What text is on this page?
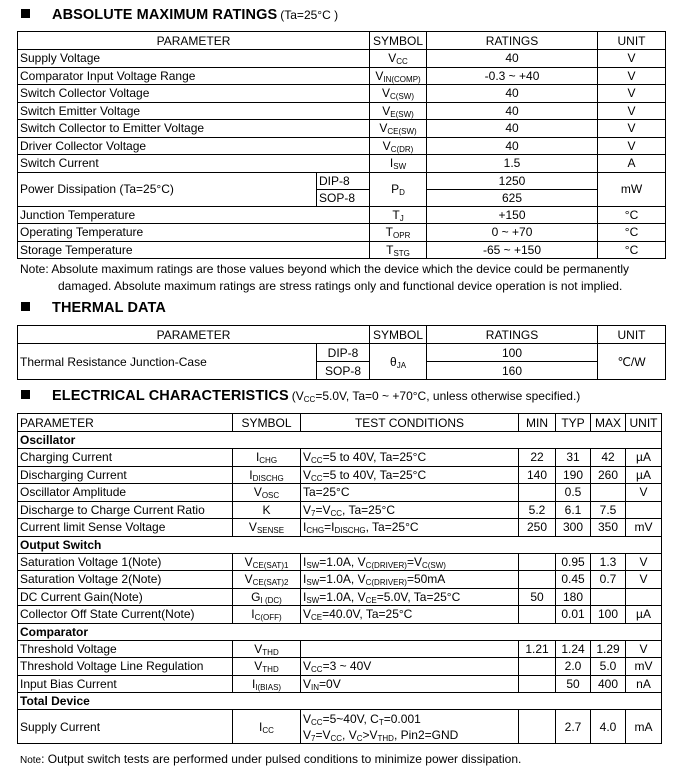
ABSOLUTE MAXIMUM RATINGS (Ta=25°C )
PARAMETER		SYMBOL	RATINGS	UNIT
Supply Voltage		$V_{CC}$	40	V
Comparator Input Voltage Range		$V_{IN(COMP)}$	-0.3 ~ +40	V
Switch Collector Voltage		$V_{C(SW)}$	40	V
Switch Emitter Voltage		$V_{E(SW)}$	40	V
Switch Collector to Emitter Voltage		$V_{CE(SW)}$	40	V
Driver Collector Voltage		$V_{C(DR)}$	40	V
Switch Current		$I_{SW}$	1.5	A
Power Dissipation (Ta=25°C)	DIP-8	$P_D$	1250	mW
	SOP-8		625	
Junction Temperature		$T_J$	+150	°C
Operating Temperature		$T_{OPR}$	0 ~ +70	°C
Storage Temperature		$T_{STG}$	-65 ~ +150	°C
Note: Absolute maximum ratings are those values beyond which the device which the device could be permanently
damaged. Absolute maximum ratings are stress ratings only and functional device operation is not implied.
THERMAL DATA
PARAMETER		SYMBOL	RATINGS	UNIT
Thermal Resistance Junction-Case	DIP-8	$\theta_{JA}$	100	℃/W
	SOP-8		160	
ELECTRICAL CHARACTERISTICS ($V_{CC}=5.0V$, Ta=0 ~ +70°C, unless otherwise specified.)
PARAMETER	SYMBOL	TEST CONDITIONS	MIN	TYP	MAX	UNIT
Oscillator						
Charging Current	$I_{CHG}$	$V_{CC}=5$ to 40V, Ta=25°C	22	31	42	µA
Discharging Current	$I_{DISCHG}$	$V_{CC}=5$ to 40V, Ta=25°C	140	190	260	µA
Oscillator Amplitude	$V_{OSC}$	Ta=25°C		0.5		V
Discharge to Charge Current Ratio	K	$V_7=V_{CC}$, Ta=25°C	5.2	6.1	7.5	
Current limit Sense Voltage	$V_{SENSE}$	$I_{CHG}=I_{DISCHG}$, Ta=25°C	250	300	350	mV
Output Switch						
Saturation Voltage 1(Note)	$V_{CE(SAT)1}$	$I_{SW}=1.0A$, $V_{C(DRIVER)}=V_{C(SW)}$		0.95	1.3	V
Saturation Voltage 2(Note)	$V_{CE(SAT)2}$	$I_{SW}=1.0A$, $V_{C(DRIVER)}=50mA$		0.45	0.7	V
DC Current Gain(Note)	$G_{I (DC)}$	$I_{SW}=1.0A$, $V_{CE}=5.0V$, Ta=25°C	50	180		
Collector Off State Current(Note)	$I_{C(OFF)}$	$V_{CE}=40.0V$, Ta=25°C		0.01	100	µA
Comparator						
Threshold Voltage	$V_{THD}$		1.21	1.24	1.29	V
Threshold Voltage Line Regulation	$V_{THD}$	$V_{CC}=3$ ~ 40V		2.0	5.0	mV
Input Bias Current	$I_{I(BIAS)}$	$V_{IN}=0V$		50	400	nA
Total Device						
Supply Current	$I_{CC}$	$V_{CC}=5\sim 40V$, $C_T=0.001$
$V_7=V_{CC}$, $V_C>V_{THD}$, Pin2=GND		2.7	4.0	mA
Note: Output switch tests are performed under pulsed conditions to minimize power dissipation.
